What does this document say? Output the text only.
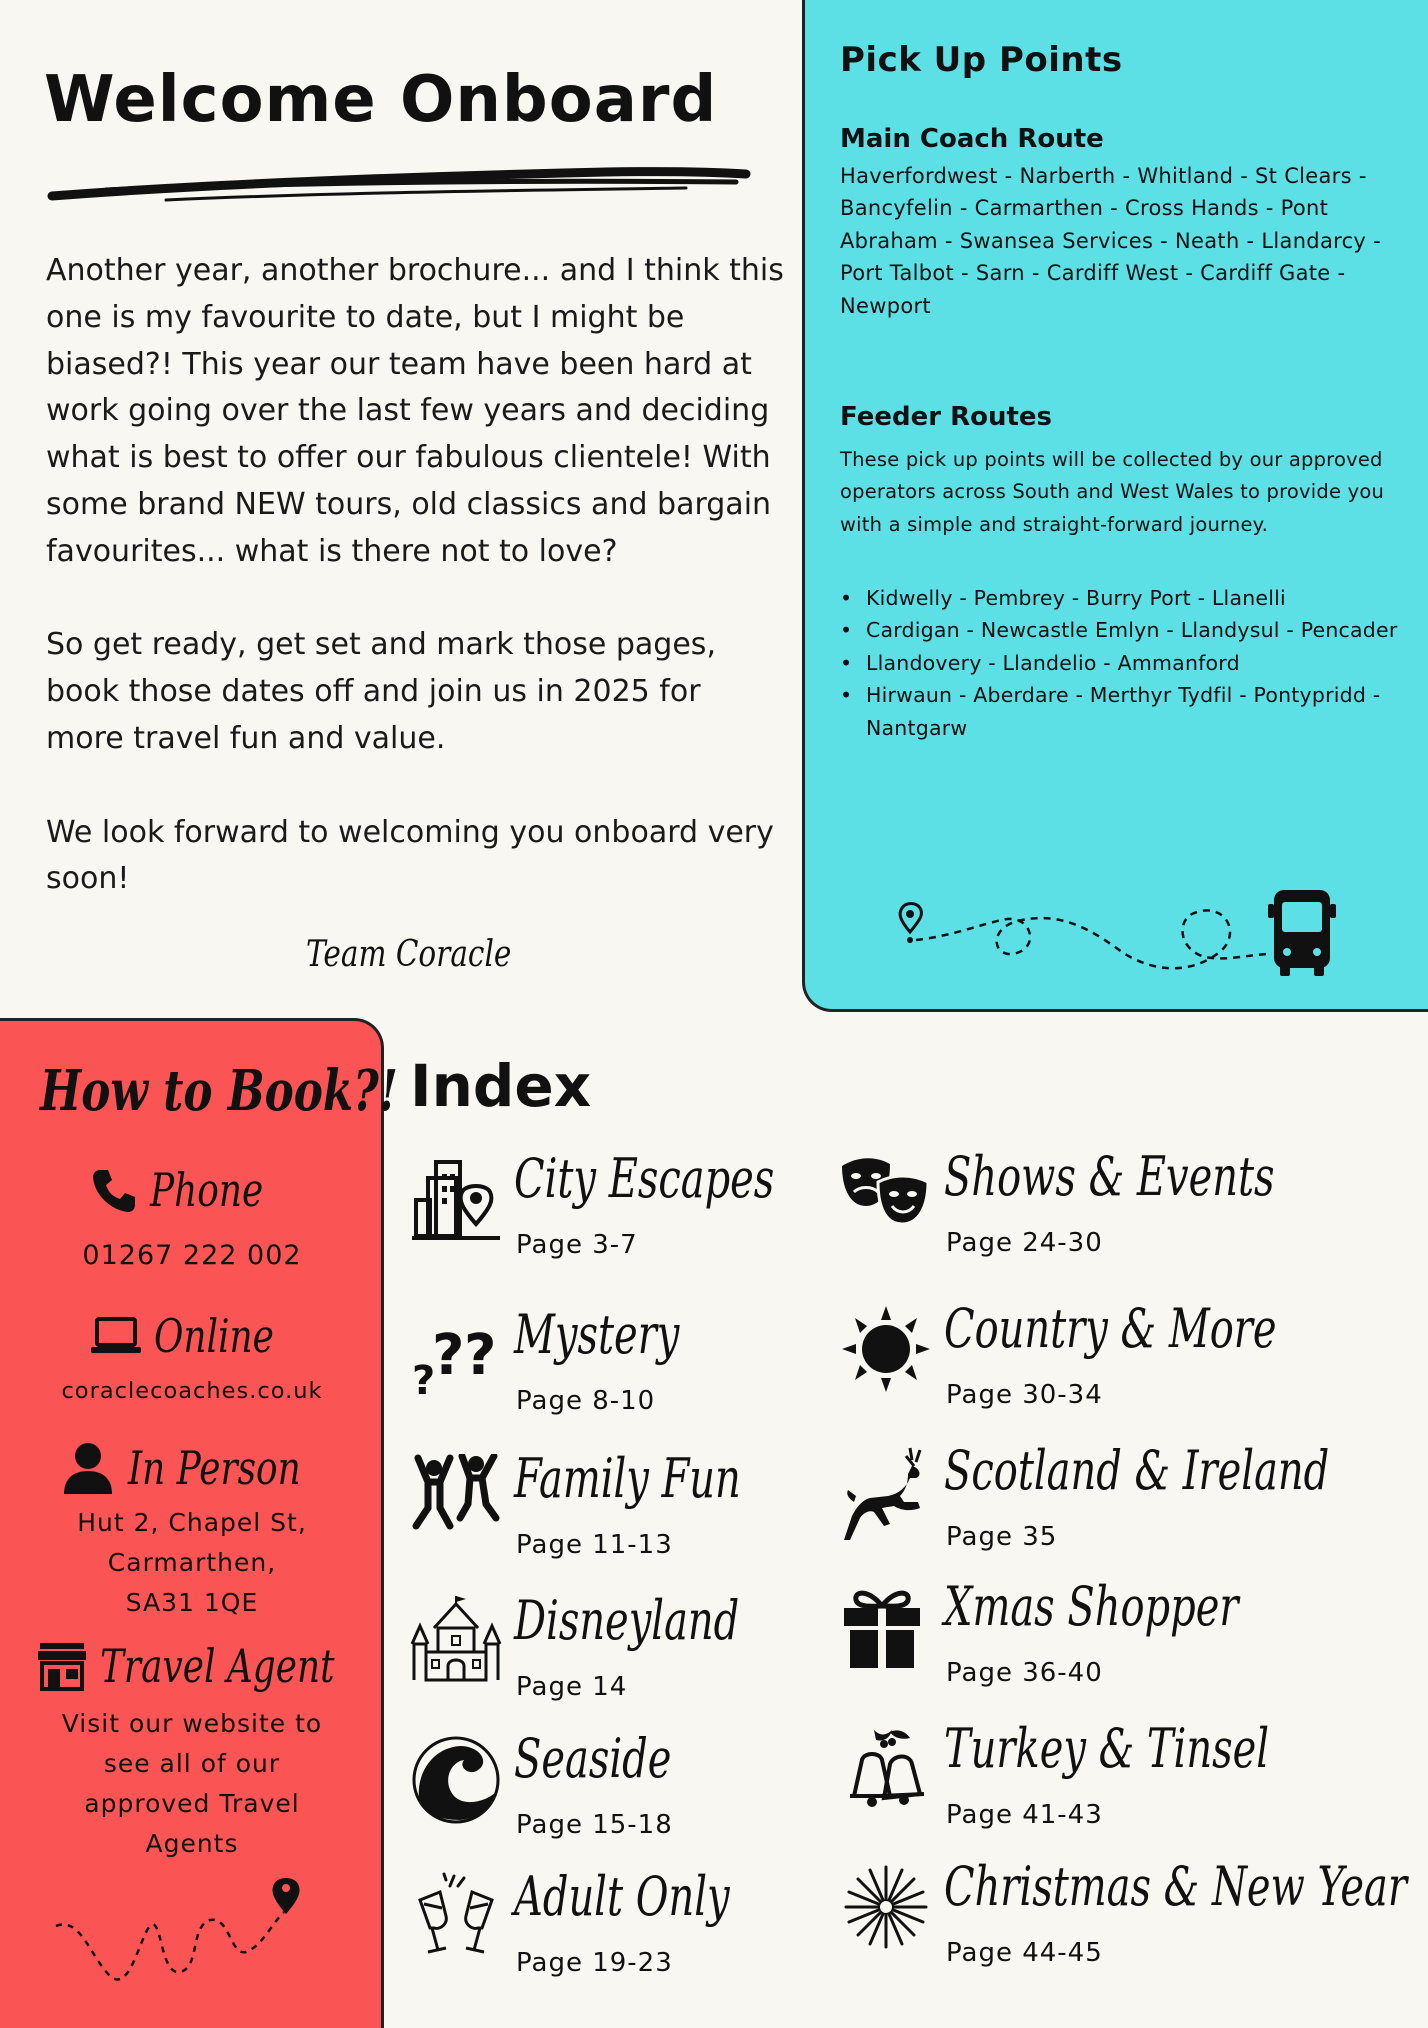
Welcome Onboard

Another year, another brochure... and I think this one is my favourite to date, but I might be biased?! This year our team have been hard at work going over the last few years and deciding what is best to offer our fabulous clientele! With some brand NEW tours, old classics and bargain favourites... what is there not to love?

So get ready, get set and mark those pages, book those dates off and join us in 2025 for more travel fun and value.

We look forward to welcoming you onboard very soon!

Team Coracle
Pick Up Points
Main Coach Route
Haverfordwest - Narberth - Whitland - St Clears - Bancyfelin - Carmarthen - Cross Hands - Pont Abraham - Swansea Services - Neath - Llandarcy - Port Talbot - Sarn - Cardiff West - Cardiff Gate - Newport
Feeder Routes
These pick up points will be collected by our approved operators across South and West Wales to provide you with a simple and straight-forward journey.
• Kidwelly - Pembrey - Burry Port - Llanelli
• Cardigan - Newcastle Emlyn - Llandysul - Pencader
• Llandovery - Llandelio - Ammanford
• Hirwaun - Aberdare - Merthyr Tydfil - Pontypridd - Nantgarw
How to Book?!
Phone
01267 222 002
Online
coraclecoaches.co.uk
In Person
Hut 2, Chapel St,
Carmarthen,
SA31 1QE
Travel Agent
Visit our website to
see all of our
approved Travel
Agents
Index
City Escapes
Page 3-7
?
? ? Mystery
Page 8-10
Family Fun
Page 11-13
Disneyland
Page 14
Seaside
Page 15-18
Adult Only
Page 19-23
Shows & Events
Page 24-30
Country & More
Page 30-34
Scotland & Ireland
Page 35
Xmas Shopper
Page 36-40
Turkey & Tinsel
Page 41-43
Christmas & New Year
Page 44-45
